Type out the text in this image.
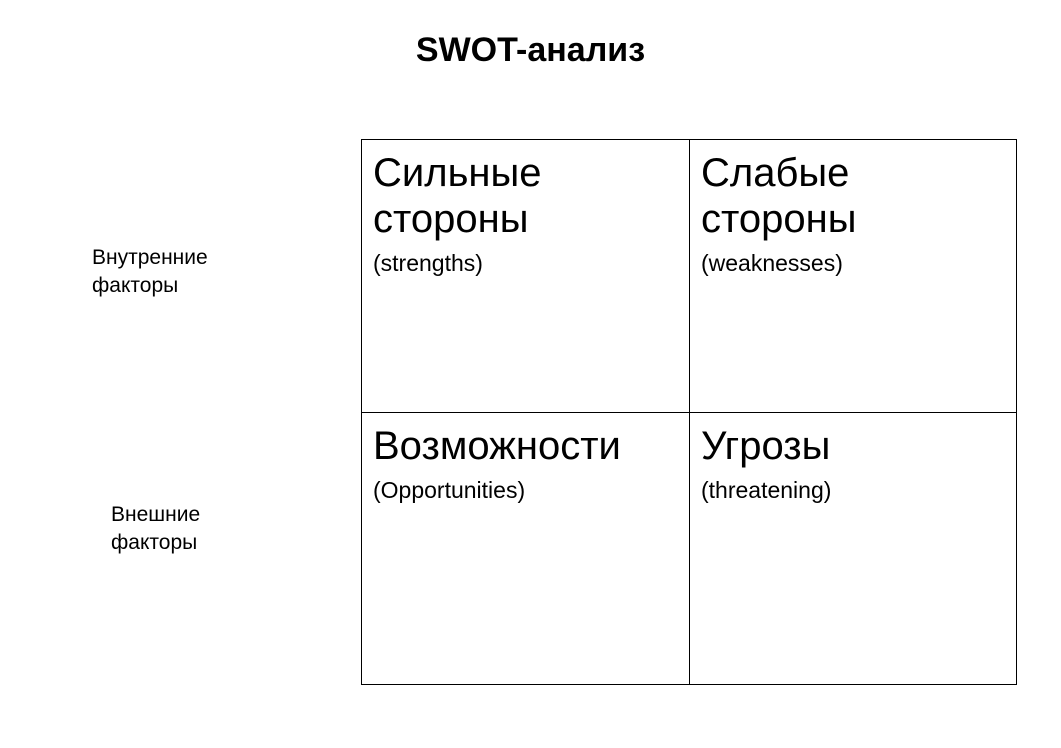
SWOT-анализ
Внутренние
факторы
Внешние
факторы
Сильные
стороны
(strengths)
Слабые
стороны
(weaknesses)
Возможности
(Opportunities)
Угрозы
(threatening)
